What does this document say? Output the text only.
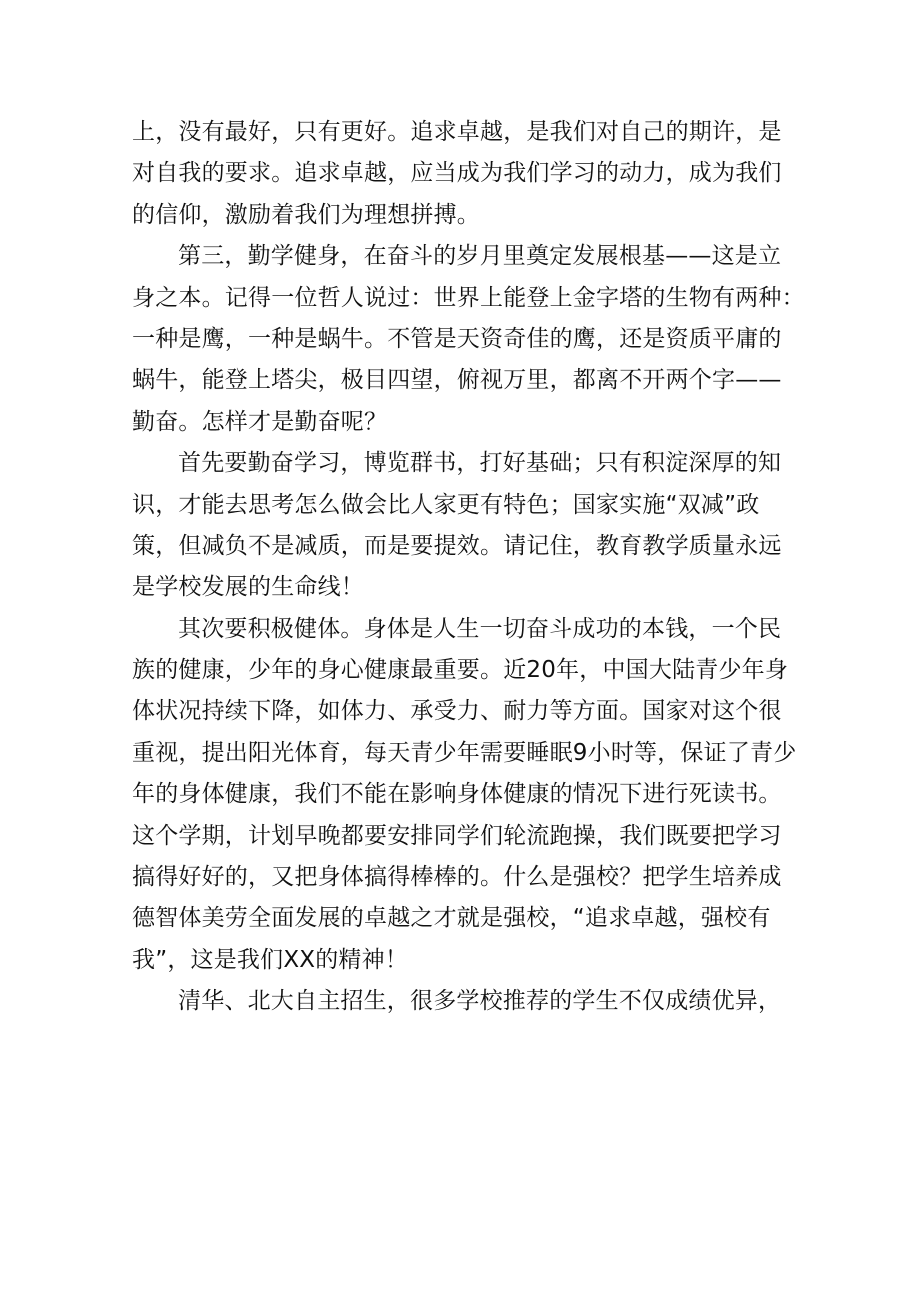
上，没有最好，只有更好。追求卓越，是我们对自己的期许，是
对自我的要求。追求卓越，应当成为我们学习的动力，成为我们
的信仰，激励着我们为理想拼搏。
第三，勤学健身，在奋斗的岁月里奠定发展根基——这是立
身之本。记得一位哲人说过：世界上能登上金字塔的生物有两种：
一种是鹰，一种是蜗牛。不管是天资奇佳的鹰，还是资质平庸的
蜗牛，能登上塔尖，极目四望，俯视万里，都离不开两个字——
勤奋。怎样才是勤奋呢？
首先要勤奋学习，博览群书，打好基础；只有积淀深厚的知
识，才能去思考怎么做会比人家更有特色；国家实施“双减”政
策，但减负不是减质，而是要提效。请记住，教育教学质量永远
是学校发展的生命线！
其次要积极健体。身体是人生一切奋斗成功的本钱，一个民
族的健康，少年的身心健康最重要。近20年，中国大陆青少年身
体状况持续下降，如体力、承受力、耐力等方面。国家对这个很
重视，提出阳光体育，每天青少年需要睡眠9小时等，保证了青少
年的身体健康，我们不能在影响身体健康的情况下进行死读书。
这个学期，计划早晚都要安排同学们轮流跑操，我们既要把学习
搞得好好的，又把身体搞得棒棒的。什么是强校？把学生培养成
德智体美劳全面发展的卓越之才就是强校，“追求卓越，强校有
我”，这是我们XX的精神！
清华、北大自主招生，很多学校推荐的学生不仅成绩优异，
